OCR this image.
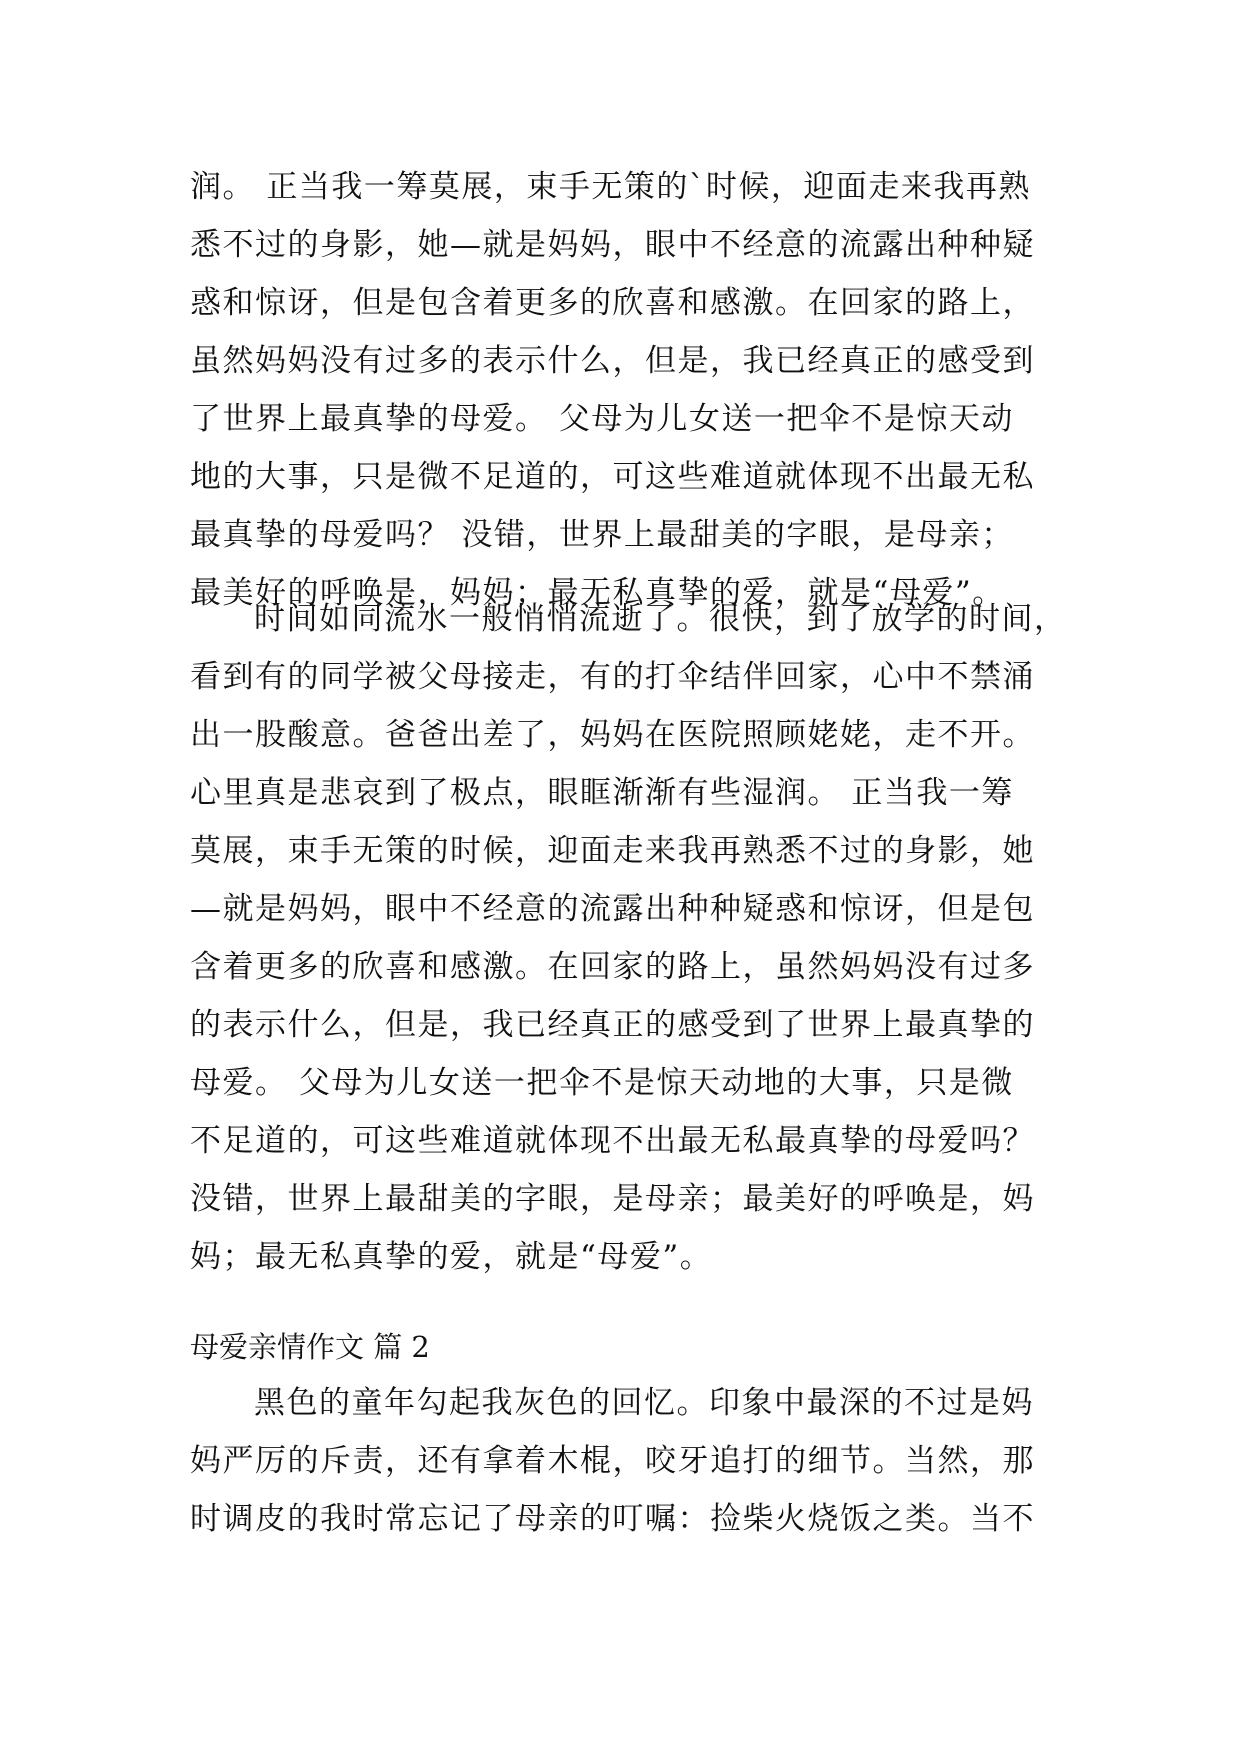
润。 正当我一筹莫展，束手无策的`时候，迎面走来我再熟
悉不过的身影，她—就是妈妈，眼中不经意的流露出种种疑
惑和惊讶，但是包含着更多的欣喜和感激。在回家的路上，
虽然妈妈没有过多的表示什么，但是，我已经真正的感受到
了世界上最真挚的母爱。 父母为儿女送一把伞不是惊天动
地的大事，只是微不足道的，可这些难道就体现不出最无私
最真挚的母爱吗？ 没错，世界上最甜美的字眼，是母亲；
最美好的呼唤是，妈妈；最无私真挚的爱，就是“母爱”。
时间如同流水一般悄悄流逝了。很快，到了放学的时间，
看到有的同学被父母接走，有的打伞结伴回家，心中不禁涌
出一股酸意。爸爸出差了，妈妈在医院照顾姥姥，走不开。
心里真是悲哀到了极点，眼眶渐渐有些湿润。 正当我一筹
莫展，束手无策的时候，迎面走来我再熟悉不过的身影，她
—就是妈妈，眼中不经意的流露出种种疑惑和惊讶，但是包
含着更多的欣喜和感激。在回家的路上，虽然妈妈没有过多
的表示什么，但是，我已经真正的感受到了世界上最真挚的
母爱。 父母为儿女送一把伞不是惊天动地的大事，只是微
不足道的，可这些难道就体现不出最无私最真挚的母爱吗？
没错，世界上最甜美的字眼，是母亲；最美好的呼唤是，妈
妈；最无私真挚的爱，就是“母爱”。
母爱亲情作文 篇 2
黑色的童年勾起我灰色的回忆。印象中最深的不过是妈
妈严厉的斥责，还有拿着木棍，咬牙追打的细节。当然，那
时调皮的我时常忘记了母亲的叮嘱：捡柴火烧饭之类。当不
